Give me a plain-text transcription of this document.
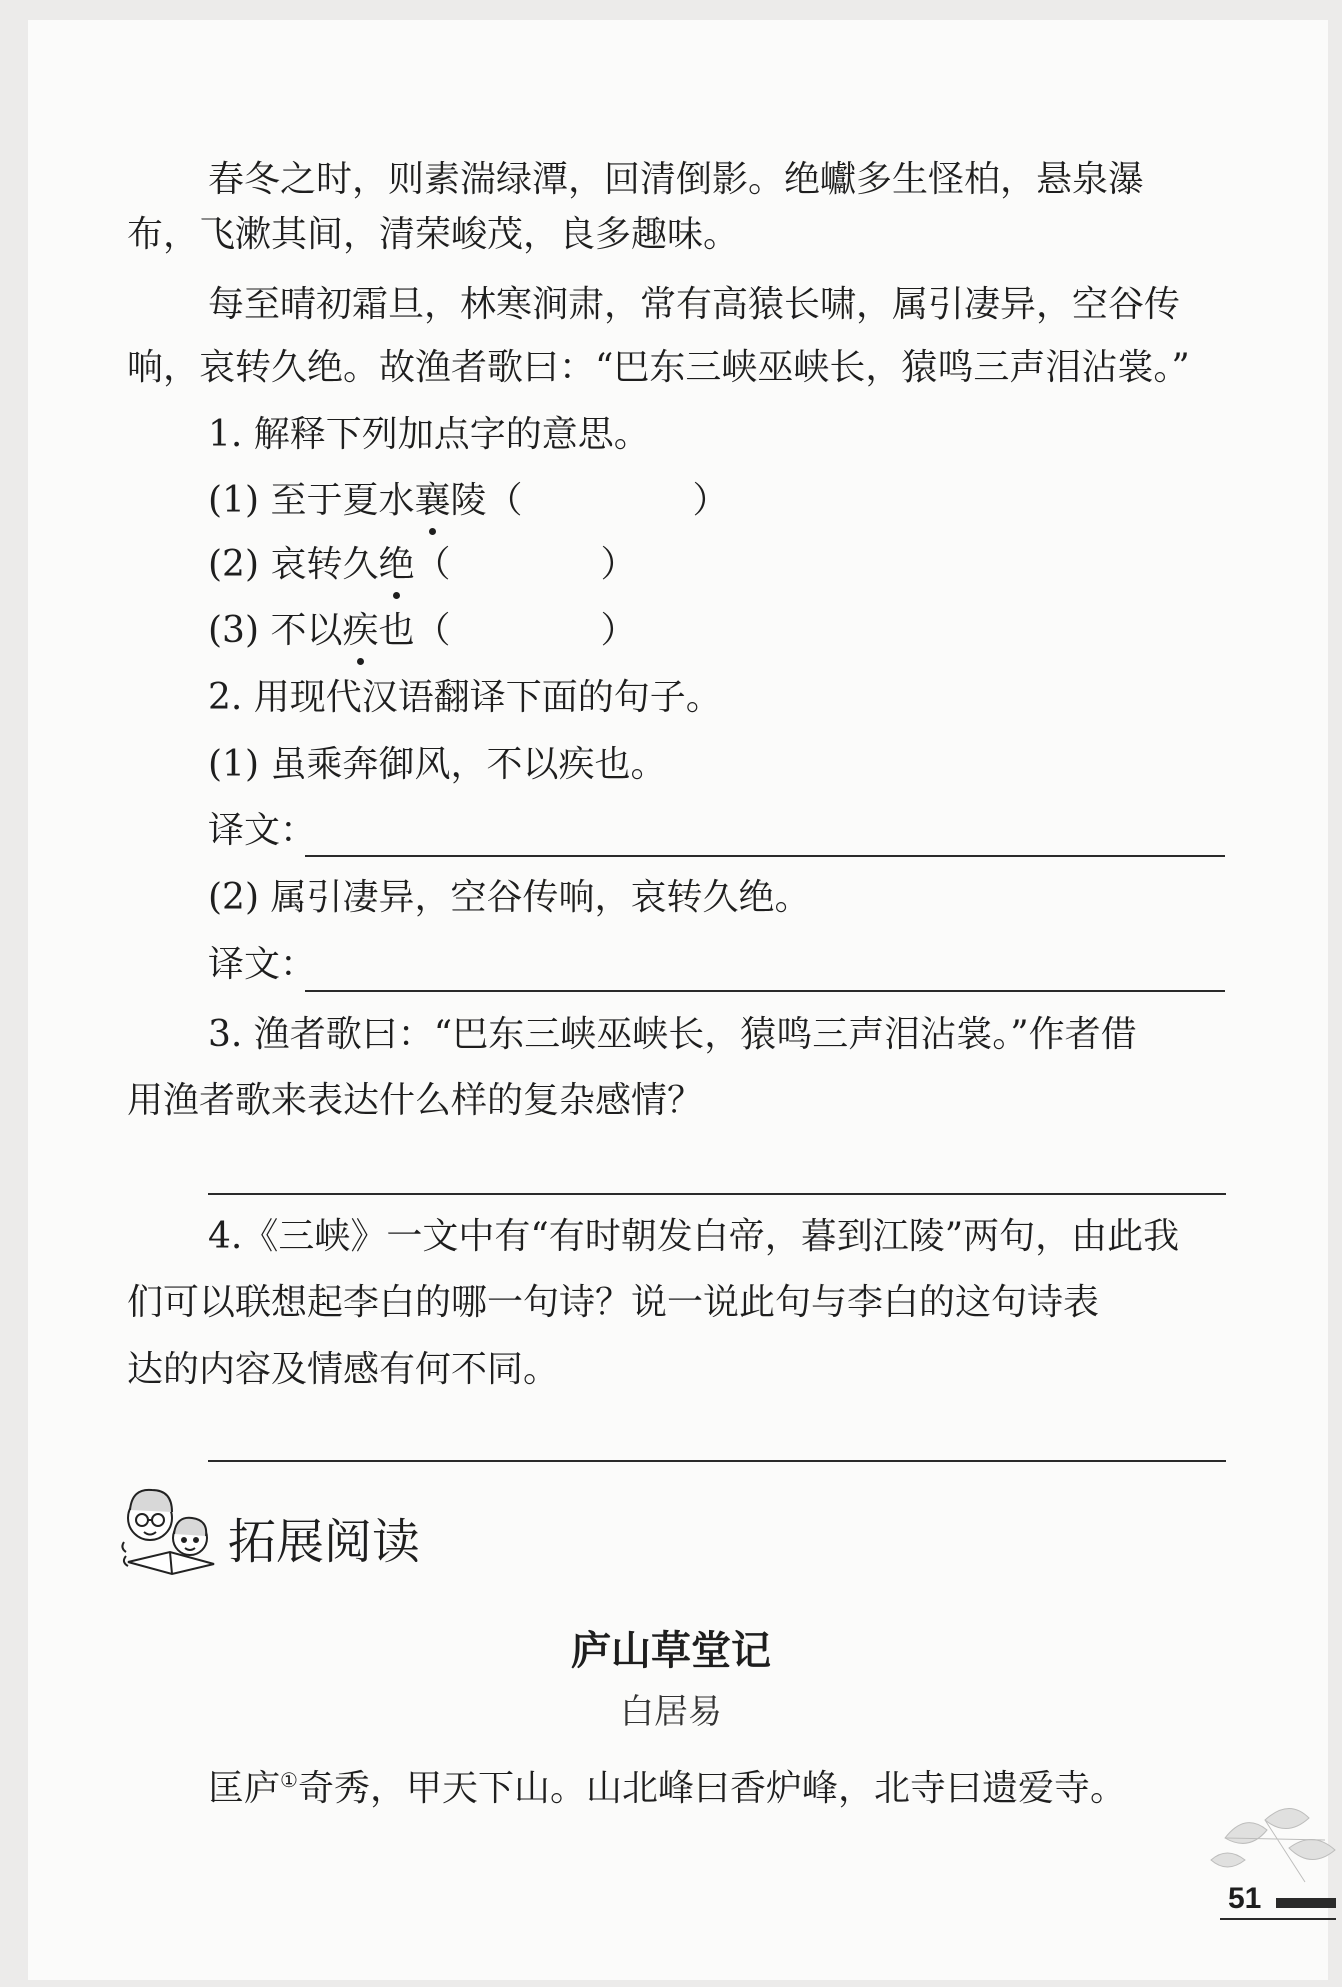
春冬之时，则素湍绿潭，回清倒影。绝巘多生怪柏，悬泉瀑
布，飞漱其间，清荣峻茂，良多趣味。
每至晴初霜旦，林寒涧肃，常有高猿长啸，属引凄异，空谷传
响，哀转久绝。故渔者歌曰：“巴东三峡巫峡长，猿鸣三声泪沾裳。”
1. 解释下列加点字的意思。
(1) 至于夏水襄陵（	）
(2) 哀转久绝（	）
(3) 不以疾也（	）
2. 用现代汉语翻译下面的句子。
(1) 虽乘奔御风，不以疾也。
译文：
(2) 属引凄异，空谷传响，哀转久绝。
译文：
3. 渔者歌曰：“巴东三峡巫峡长，猿鸣三声泪沾裳。”作者借
用渔者歌来表达什么样的复杂感情？
4.《三峡》一文中有“有时朝发白帝，暮到江陵”两句，由此我
们可以联想起李白的哪一句诗？说一说此句与李白的这句诗表
达的内容及情感有何不同。
拓展阅读
庐山草堂记
白居易
匡庐①奇秀，甲天下山。山北峰曰香炉峰，北寺曰遗爱寺。
51
